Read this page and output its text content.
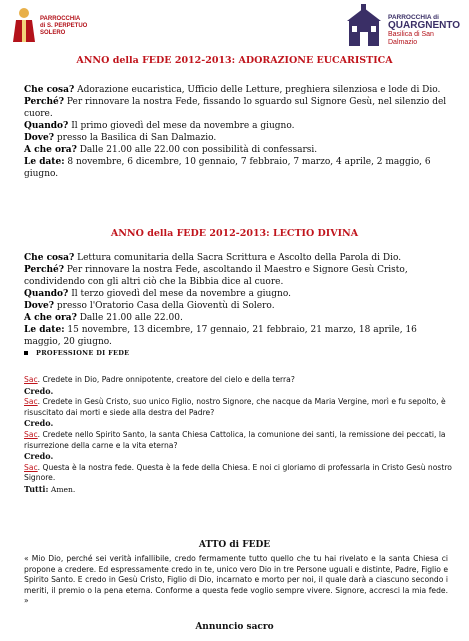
PARROCCHIA
di S. PERPETUO
SOLERO
PARROCCHIA di
QUARGNENTO
Basilica di San Dalmazio
ANNO della FEDE 2012-2013: ADORAZIONE EUCARISTICA

Che cosa? Adorazione eucaristica, Ufficio delle Letture, preghiera silenziosa e lode di Dio.

Perché? Per rinnovare la nostra Fede, fissando lo sguardo sul Signore Gesù, nel silenzio del cuore.

Quando? Il primo giovedì del mese da novembre a giugno.

Dove? presso la Basilica di San Dalmazio.

A che ora? Dalle 21.00 alle 22.00 con possibilità di confessarsi.

Le date: 8 novembre, 6 dicembre, 10 gennaio, 7 febbraio, 7 marzo, 4 aprile, 2 maggio, 6 giugno.

ANNO della FEDE 2012-2013: LECTIO DIVINA

Che cosa? Lettura comunitaria della Sacra Scrittura e Ascolto della Parola di Dio.

Perché? Per rinnovare la nostra Fede, ascoltando il Maestro e Signore Gesù Cristo, condividendo con gli altri ciò che la Bibbia dice al cuore.

Quando? Il terzo giovedì del mese da novembre a giugno.

Dove? presso l'Oratorio Casa della Gioventù di Solero.

A che ora? Dalle 21.00 alle 22.00.

Le date: 15 novembre, 13 dicembre, 17 gennaio, 21 febbraio, 21 marzo, 18 aprile, 16 maggio, 20 giugno.

PROFESSIONE DI FEDE

Sac. Credete in Dio, Padre onnipotente, creatore del cielo e della terra?

Credo.

Sac. Credete in Gesù Cristo, suo unico Figlio, nostro Signore, che nacque da Maria Vergine, morì e fu sepolto, è risuscitato dai morti e siede alla destra del Padre?

Credo.

Sac. Credete nello Spirito Santo, la santa Chiesa Cattolica, la comunione dei santi, la remissione dei peccati, la risurrezione della carne e la vita eterna?

Credo.

Sac. Questa è la nostra fede. Questa è la fede della Chiesa. E noi ci gloriamo di professarla in Cristo Gesù nostro Signore.

Tutti: Amen.

ATTO di FEDE
« Mio Dio, perché sei verità infallibile, credo fermamente tutto quello che tu hai rivelato e la santa Chiesa ci propone a credere. Ed espressamente credo in te, unico vero Dio in tre Persone uguali e distinte, Padre, Figlio e Spirito Santo. E credo in Gesù Cristo, Figlio di Dio, incarnato e morto per noi, il quale darà a ciascuno secondo i meriti, il premio o la pena eterna. Conforme a questa fede voglio sempre vivere. Signore, accresci la mia fede. »
Annuncio sacro
